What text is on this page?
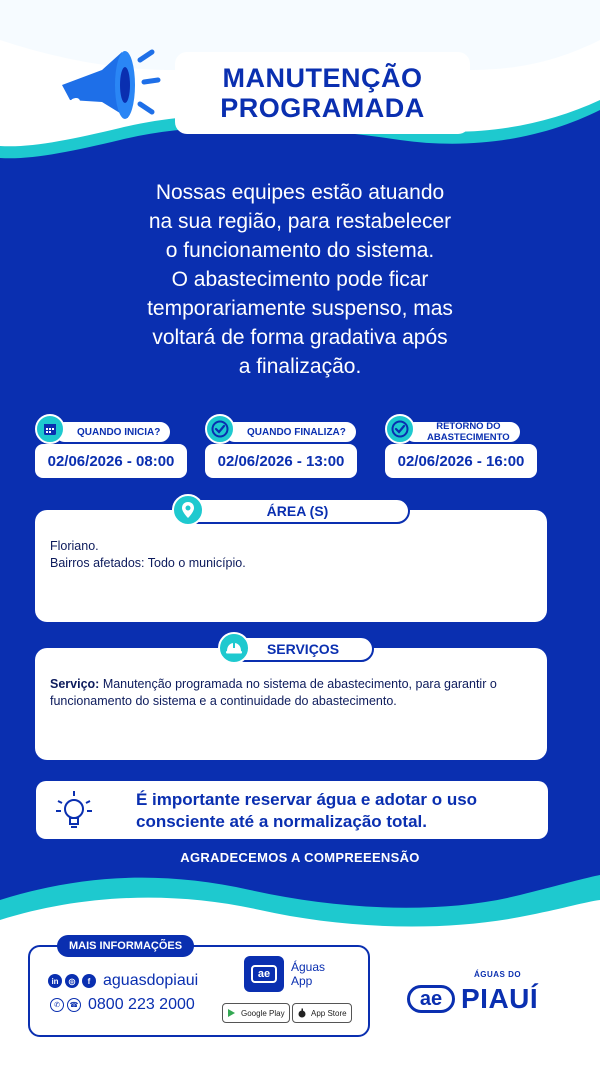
MANUTENÇÃO
PROGRAMADA
Nossas equipes estão atuando
na sua região, para restabelecer
o funcionamento do sistema.
O abastecimento pode ficar
temporariamente suspenso, mas
voltará de forma gradativa após
a finalização.
QUANDO INICIA?
02/06/2026 - 08:00
QUANDO FINALIZA?
02/06/2026 - 13:00
RETORNO DO
ABASTECIMENTO
02/06/2026 - 16:00
Floriano.
Bairros afetados: Todo o município.
ÁREA (S)
Serviço: Manutenção programada no sistema de abastecimento, para garantir o funcionamento do sistema e a continuidade do abastecimento.
SERVIÇOS
É importante reservar água e adotar o uso
consciente até a normalização total.
AGRADECEMOS A COMPREEENSÃO
MAIS INFORMAÇÕES
in	◎	f aguasdopiaui
✆	☎ 0800 223 2000
ae	Águas
App
Google Play	App Store
ÁGUAS DO
ae PIAUÍ
